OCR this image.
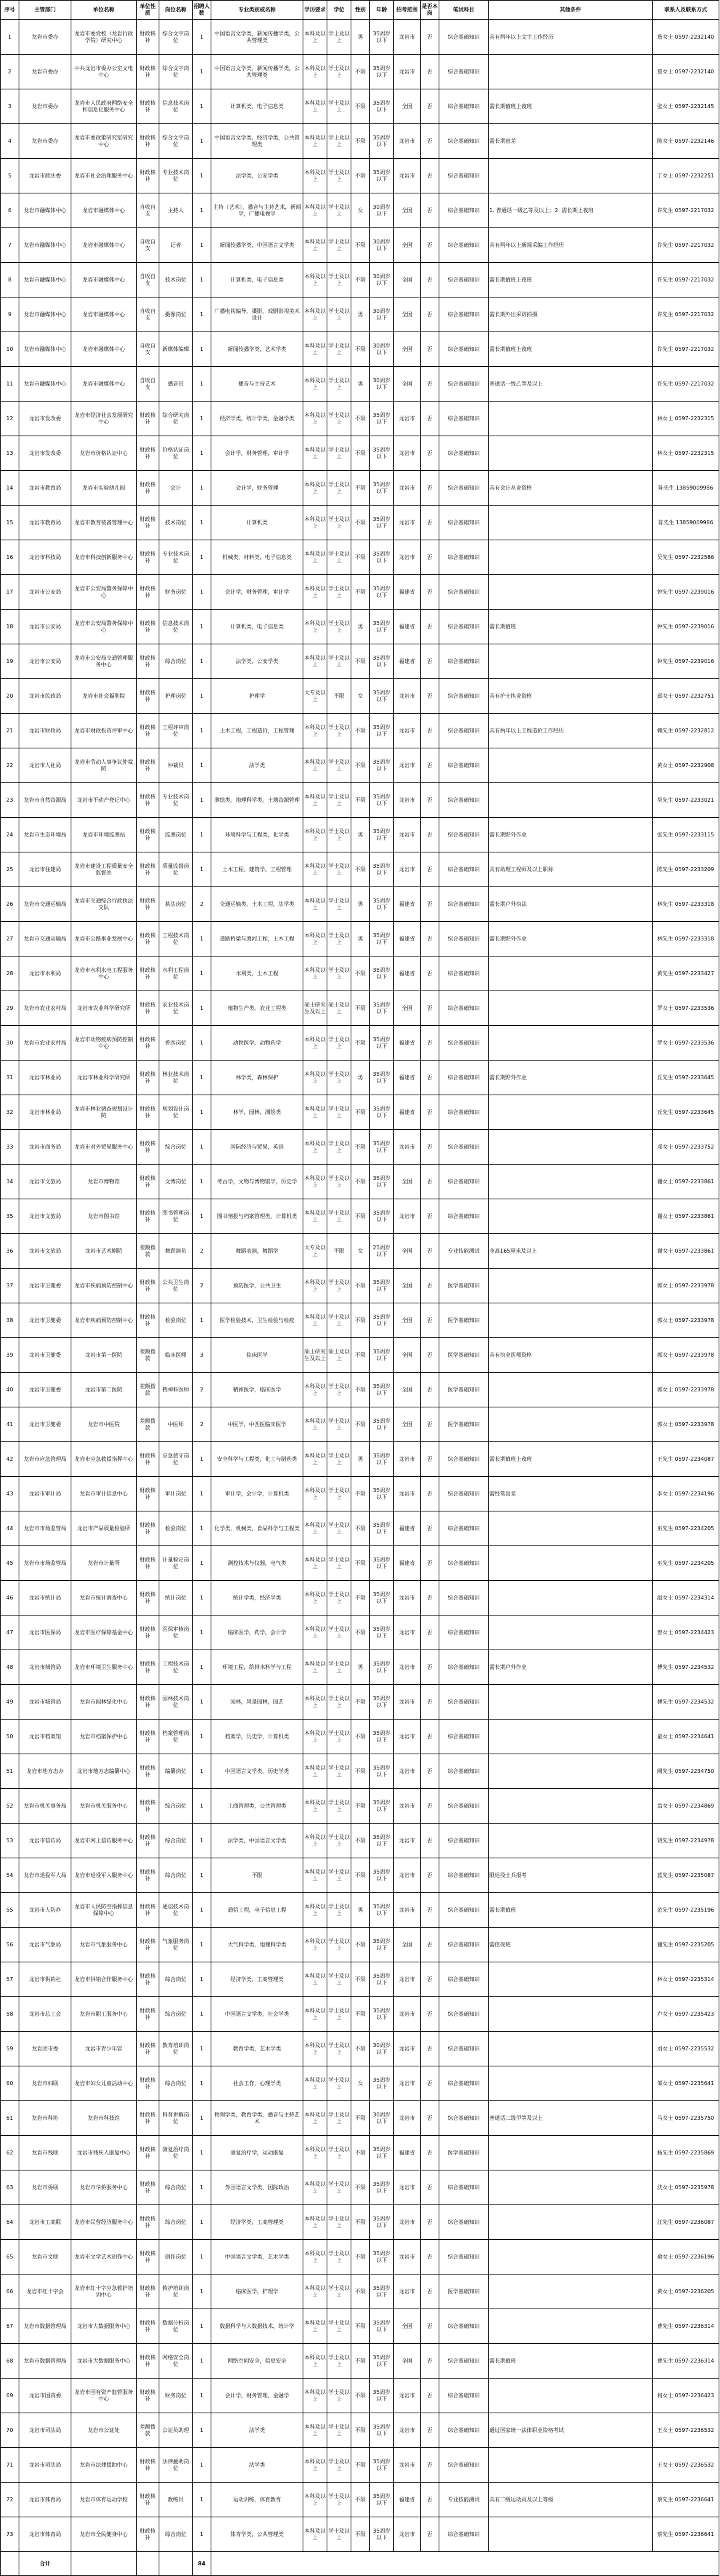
序号	主管部门	单位名称	单位性质	岗位名称	招聘人数	专业类别或名称	学历要求	学位	性别	年龄	招考范围	是否本岗	笔试科目	其他条件	联系人及联系方式
1	龙岩市委办	龙岩市委党校（龙岩行政学院）研究中心	财政核补	综合文字岗位	1	中国语言文学类，新闻传播学类，公共管理类	本科及以上	学士及以上	男	35周岁以下	龙岩市	否	综合基础知识	具有两年以上文字工作经历	詹女士 0597-2232140
2	龙岩市委办	中共龙岩市委办公室文电中心	财政核补	综合文字岗位	1	中国语言文学类，新闻传播学类，公共管理类	本科及以上	学士及以上	不限	35周岁以下	龙岩市	否	综合基础知识		詹女士 0597-2232140
3	龙岩市委办	龙岩市人民政府网络安全和信息化服务中心	财政核补	信息技术岗位	1	计算机类，电子信息类	本科及以上	学士及以上	不限	35周岁以下	全国	否	综合基础知识	需长期值班上夜班	张女士 0597-2232145
4	龙岩市委办	龙岩市委政策研究室研究中心	财政核补	综合文字岗位	1	中国语言文学类，经济学类，公共管理类	本科及以上	学士及以上	不限	35周岁以下	龙岩市	否	综合基础知识	需长期出差	陈女士 0597-2232146
5	龙岩市政法委	龙岩市社会治理服务中心	财政核补	专业技术岗位	1	法学类，公安学类	本科及以上	学士及以上	不限	35周岁以下	龙岩市	否	综合基础知识		丁女士 0597-2232251
6	龙岩市融媒体中心	龙岩市融媒体中心	自收自支	主持人	1	主持（艺术），播音与主持艺术，新闻学，广播电视学	本科及以上	学士及以上	女	30周岁以下	全国	否	综合基础知识	1. 普通话一级乙等及以上；2. 需长期上夜班	许先生 0597-2217032
7	龙岩市融媒体中心	龙岩市融媒体中心	自收自支	记者	1	新闻传播学类，中国语言文学类	本科及以上	学士及以上	不限	30周岁以下	全国	否	综合基础知识	具有两年以上新闻采编工作经历	许先生 0597-2217032
8	龙岩市融媒体中心	龙岩市融媒体中心	自收自支	技术岗位	1	计算机类，电子信息类	本科及以上	学士及以上	不限	30周岁以下	全国	否	综合基础知识	需长期值班上夜班	许先生 0597-2217032
9	龙岩市融媒体中心	龙岩市融媒体中心	自收自支	摄像岗位	1	广播电视编导，摄影，戏剧影视美术设计	本科及以上	学士及以上	男	30周岁以下	全国	否	综合基础知识	需长期外出采访拍摄	许先生 0597-2217032
10	龙岩市融媒体中心	龙岩市融媒体中心	自收自支	新媒体编辑	1	新闻传播学类，艺术学类	本科及以上	学士及以上	不限	30周岁以下	全国	否	综合基础知识	需长期值班上夜班	许先生 0597-2217032
11	龙岩市融媒体中心	龙岩市融媒体中心	自收自支	播音员	1	播音与主持艺术	本科及以上	学士及以上	男	30周岁以下	全国	否	综合基础知识	普通话一级乙等及以上	许先生 0597-2217032
12	龙岩市发改委	龙岩市经济社会发展研究中心	财政核补	综合研究岗位	1	经济学类，统计学类，金融学类	本科及以上	学士及以上	不限	35周岁以下	龙岩市	否	综合基础知识		林女士 0597-2232315
13	龙岩市发改委	龙岩市价格认证中心	财政核补	价格认证岗位	1	会计学，财务管理，审计学	本科及以上	学士及以上	不限	35周岁以下	龙岩市	否	综合基础知识		林女士 0597-2232315
14	龙岩市教育局	龙岩市实验幼儿园	财政核补	会计	1	会计学，财务管理	本科及以上	学士及以上	不限	35周岁以下	龙岩市	否	综合基础知识	具有会计从业资格	陈先生 13859009986
15	龙岩市教育局	龙岩市教育装备管理中心	财政核补	技术岗位	1	计算机类	本科及以上	学士及以上	不限	35周岁以下	龙岩市	否	综合基础知识		陈先生 13859009986
16	龙岩市科技局	龙岩市科技创新服务中心	财政核补	专业技术岗位	1	机械类，材料类，电子信息类	本科及以上	学士及以上	不限	35周岁以下	龙岩市	否	综合基础知识		吴先生 0597-2232586
17	龙岩市公安局	龙岩市公安局警务保障中心	财政核补	财务岗位	1	会计学，财务管理，审计学	本科及以上	学士及以上	不限	35周岁以下	福建省	否	综合基础知识		钟先生 0597-2239016
18	龙岩市公安局	龙岩市公安局警务保障中心	财政核补	信息技术岗位	1	计算机类，电子信息类	本科及以上	学士及以上	男	35周岁以下	福建省	否	综合基础知识	需长期值班	钟先生 0597-2239016
19	龙岩市公安局	龙岩市公安局交通管理服务中心	财政核补	综合岗位	1	法学类，公安学类	本科及以上	学士及以上	不限	35周岁以下	福建省	否	综合基础知识		钟先生 0597-2239016
20	龙岩市民政局	龙岩市社会福利院	财政核补	护理岗位	1	护理学	大专及以上	不限	女	35周岁以下	龙岩市	否	综合基础知识	具有护士执业资格	邱女士 0597-2232751
21	龙岩市财政局	龙岩市财政投资评审中心	财政核补	工程评审岗位	1	土木工程，工程造价，工程管理	本科及以上	学士及以上	不限	35周岁以下	龙岩市	否	综合基础知识	具有两年以上工程造价工作经历	赖先生 0597-2232812
22	龙岩市人社局	龙岩市劳动人事争议仲裁院	财政核补	仲裁员	1	法学类	本科及以上	学士及以上	不限	35周岁以下	龙岩市	否	综合基础知识		黄女士 0597-2232908
23	龙岩市自然资源局	龙岩市不动产登记中心	财政核补	专业技术岗位	1	测绘类，地理科学类，土地资源管理	本科及以上	学士及以上	不限	35周岁以下	龙岩市	否	综合基础知识		吴先生 0597-2233021
24	龙岩市生态环境局	龙岩市环境监测站	财政核补	监测岗位	1	环境科学与工程类，化学类	本科及以上	学士及以上	男	35周岁以下	龙岩市	否	综合基础知识	需长期野外作业	张先生 0597-2233115
25	龙岩市住建局	龙岩市建设工程质量安全监督站	财政核补	质量监督岗位	1	土木工程，建筑学，工程管理	本科及以上	学士及以上	不限	35周岁以下	龙岩市	否	综合基础知识	具有助理工程师及以上职称	陈先生 0597-2233209
26	龙岩市交通运输局	龙岩市交通综合行政执法支队	财政核补	执法岗位	2	交通运输类，土木工程，法学类	本科及以上	学士及以上	男	35周岁以下	福建省	否	综合基础知识	需长期户外执法	林先生 0597-2233318
27	龙岩市交通运输局	龙岩市公路事业发展中心	财政核补	工程技术岗位	1	道路桥梁与渡河工程，土木工程	本科及以上	学士及以上	男	35周岁以下	福建省	否	综合基础知识	需长期野外作业	林先生 0597-2233318
28	龙岩市水利局	龙岩市水利水电工程服务中心	财政核补	水利工程岗位	1	水利类，土木工程	本科及以上	学士及以上	不限	35周岁以下	福建省	否	综合基础知识		黄先生 0597-2233427
29	龙岩市农业农村局	龙岩市农业科学研究所	财政核补	农业技术岗位	1	植物生产类，农业工程类	硕士研究生及以上	硕士及以上	不限	35周岁以下	全国	否	综合基础知识		罗女士 0597-2233536
30	龙岩市农业农村局	龙岩市动物疫病预防控制中心	财政核补	兽医岗位	1	动物医学，动物药学	本科及以上	学士及以上	不限	35周岁以下	福建省	否	综合基础知识		罗女士 0597-2233536
31	龙岩市林业局	龙岩市林业科学研究所	财政核补	林业技术岗位	1	林学类，森林保护	本科及以上	学士及以上	男	35周岁以下	福建省	否	综合基础知识	需长期野外作业	丘先生 0597-2233645
32	龙岩市林业局	龙岩市林业调查规划设计院	财政核补	规划设计岗位	1	林学，园林，测绘类	本科及以上	学士及以上	不限	35周岁以下	福建省	否	综合基础知识		丘先生 0597-2233645
33	龙岩市商务局	龙岩市对外贸易服务中心	财政核补	综合岗位	1	国际经济与贸易，英语	本科及以上	学士及以上	不限	35周岁以下	龙岩市	否	综合基础知识		邓女士 0597-2233752
34	龙岩市文旅局	龙岩市博物馆	财政核补	文博岗位	1	考古学，文物与博物馆学，历史学	本科及以上	学士及以上	不限	35周岁以下	全国	否	综合基础知识		谢女士 0597-2233861
35	龙岩市文旅局	龙岩市图书馆	财政核补	图书管理岗位	1	图书情报与档案管理类，计算机类	本科及以上	学士及以上	不限	35周岁以下	龙岩市	否	综合基础知识		谢女士 0597-2233861
36	龙岩市文旅局	龙岩市艺术剧院	差额拨款	舞蹈演员	2	舞蹈表演，舞蹈学	大专及以上	不限	女	25周岁以下	全国	否	专业技能测试	身高165厘米及以上	谢女士 0597-2233861
37	龙岩市卫健委	龙岩市疾病预防控制中心	财政核补	公共卫生岗位	2	预防医学，公共卫生	本科及以上	学士及以上	不限	35周岁以下	全国	否	医学基础知识		郭女士 0597-2233978
38	龙岩市卫健委	龙岩市疾病预防控制中心	财政核补	检验岗位	1	医学检验技术，卫生检验与检疫	本科及以上	学士及以上	不限	35周岁以下	全国	否	医学基础知识		郭女士 0597-2233978
39	龙岩市卫健委	龙岩市第一医院	差额拨款	临床医师	3	临床医学	硕士研究生及以上	硕士及以上	不限	35周岁以下	全国	否	医学基础知识	具有执业医师资格	郭女士 0597-2233978
40	龙岩市卫健委	龙岩市第二医院	差额拨款	精神科医师	2	精神医学，临床医学	本科及以上	学士及以上	不限	35周岁以下	全国	否	医学基础知识		郭女士 0597-2233978
41	龙岩市卫健委	龙岩市中医院	差额拨款	中医师	2	中医学，中西医临床医学	本科及以上	学士及以上	不限	35周岁以下	全国	否	医学基础知识		郭女士 0597-2233978
42	龙岩市应急管理局	龙岩市应急救援指挥中心	财政核补	应急值守岗位	1	安全科学与工程类，化工与制药类	本科及以上	学士及以上	男	35周岁以下	龙岩市	否	综合基础知识	需长期值班上夜班	王先生 0597-2234087
43	龙岩市审计局	龙岩市审计信息中心	财政核补	审计岗位	1	审计学，会计学，计算机类	本科及以上	学士及以上	不限	35周岁以下	龙岩市	否	综合基础知识	需经常出差	李女士 0597-2234196
44	龙岩市市场监管局	龙岩市产品质量检验所	财政核补	检验岗位	1	化学类，机械类，食品科学与工程类	本科及以上	学士及以上	不限	35周岁以下	福建省	否	综合基础知识		巫先生 0597-2234205
45	龙岩市市场监管局	龙岩市计量所	财政核补	计量检定岗位	1	测控技术与仪器，电气类	本科及以上	学士及以上	不限	35周岁以下	福建省	否	综合基础知识		巫先生 0597-2234205
46	龙岩市统计局	龙岩市统计调查中心	财政核补	统计岗位	1	统计学类，经济学类	本科及以上	学士及以上	不限	35周岁以下	龙岩市	否	综合基础知识		温女士 0597-2234314
47	龙岩市医保局	龙岩市医疗保障基金中心	财政核补	医保审核岗位	1	临床医学，药学，会计学	本科及以上	学士及以上	不限	35周岁以下	龙岩市	否	综合基础知识		曾女士 0597-2234423
48	龙岩市城管局	龙岩市环境卫生服务中心	财政核补	工程技术岗位	1	环境工程，给排水科学与工程	本科及以上	学士及以上	男	35周岁以下	龙岩市	否	综合基础知识	需长期户外作业	傅先生 0597-2234532
49	龙岩市城管局	龙岩市园林绿化中心	财政核补	园林技术岗位	1	园林，风景园林，园艺	本科及以上	学士及以上	不限	35周岁以下	龙岩市	否	综合基础知识		傅先生 0597-2234532
50	龙岩市档案馆	龙岩市档案保护中心	财政核补	档案管理岗位	1	档案学，历史学，计算机类	本科及以上	学士及以上	不限	35周岁以下	龙岩市	否	综合基础知识		童女士 0597-2234641
51	龙岩市地方志办	龙岩市地方志编纂中心	财政核补	编纂岗位	1	中国语言文学类，历史学类	本科及以上	学士及以上	不限	35周岁以下	龙岩市	否	综合基础知识		阙先生 0597-2234750
52	龙岩市机关事务局	龙岩市机关服务中心	财政核补	综合岗位	1	工商管理类，公共管理类	本科及以上	学士及以上	不限	35周岁以下	龙岩市	否	综合基础知识		翁女士 0597-2234869
53	龙岩市信访局	龙岩市网上信访服务中心	财政核补	综合岗位	1	法学类，中国语言文学类	本科及以上	学士及以上	不限	35周岁以下	龙岩市	否	综合基础知识		饶先生 0597-2234978
54	龙岩市退役军人局	龙岩市退役军人服务中心	财政核补	综合岗位	1	不限	本科及以上	学士及以上	不限	35周岁以下	龙岩市	否	综合基础知识	限退役士兵报考	蓝先生 0597-2235087
55	龙岩市人防办	龙岩市人民防空指挥信息保障中心	财政核补	通信技术岗位	1	通信工程，电子信息工程	本科及以上	学士及以上	男	35周岁以下	龙岩市	否	综合基础知识	需长期值班	范先生 0597-2235196
56	龙岩市气象局	龙岩市气象服务中心	财政核补	气象服务岗位	1	大气科学类，地理科学类	本科及以上	学士及以上	不限	35周岁以下	全国	否	综合基础知识	需值夜班	谢先生 0597-2235205
57	龙岩市供销社	龙岩市供销合作服务中心	财政核补	综合岗位	1	经济学类，工商管理类	本科及以上	学士及以上	不限	35周岁以下	龙岩市	否	综合基础知识		林女士 0597-2235314
58	龙岩市总工会	龙岩市职工服务中心	财政核补	综合岗位	1	中国语言文学类，社会学类	本科及以上	学士及以上	不限	35周岁以下	龙岩市	否	综合基础知识		卢女士 0597-2235423
59	龙岩团市委	龙岩市青少年宫	财政核补	教育培训岗位	1	教育学类，艺术学类	本科及以上	学士及以上	不限	30周岁以下	龙岩市	否	综合基础知识		刘女士 0597-2235532
60	龙岩市妇联	龙岩市妇女儿童活动中心	财政核补	综合岗位	1	社会工作，心理学类	本科及以上	学士及以上	女	35周岁以下	龙岩市	否	综合基础知识		邹女士 0597-2235641
61	龙岩市科协	龙岩市科技馆	财政核补	科普讲解岗位	1	物理学类，教育学类，播音与主持艺术	本科及以上	学士及以上	不限	30周岁以下	龙岩市	否	综合基础知识	普通话二级甲等及以上	马女士 0597-2235750
62	龙岩市残联	龙岩市残疾人康复中心	财政核补	康复治疗岗位	1	康复治疗学，运动康复	本科及以上	学士及以上	不限	35周岁以下	福建省	否	医学基础知识		杨先生 0597-2235869
63	龙岩市侨联	龙岩市华侨服务中心	财政核补	综合岗位	1	外国语言文学类，国际政治	本科及以上	学士及以上	不限	35周岁以下	龙岩市	否	综合基础知识		沈女士 0597-2235978
64	龙岩市工商联	龙岩市民营经济服务中心	财政核补	综合岗位	1	经济学类，工商管理类	本科及以上	学士及以上	不限	35周岁以下	龙岩市	否	综合基础知识		江先生 0597-2236087
65	龙岩市文联	龙岩市文学艺术创作中心	财政核补	创作岗位	1	中国语言文学类，艺术学类	本科及以上	学士及以上	不限	35周岁以下	龙岩市	否	综合基础知识		俞女士 0597-2236196
66	龙岩市红十字会	龙岩市红十字应急救护培训中心	财政核补	救护培训岗位	1	临床医学，护理学	本科及以上	学士及以上	不限	35周岁以下	龙岩市	否	医学基础知识		黄女士 0597-2236205
67	龙岩市数据管理局	龙岩市大数据服务中心	财政核补	数据分析岗位	1	数据科学与大数据技术，统计学	本科及以上	学士及以上	不限	35周岁以下	全国	否	综合基础知识		曹先生 0597-2236314
68	龙岩市数据管理局	龙岩市大数据服务中心	财政核补	网络安全岗位	1	网络空间安全，信息安全	本科及以上	学士及以上	不限	35周岁以下	全国	否	综合基础知识	需长期值班	曹先生 0597-2236314
69	龙岩市国资委	龙岩市国有资产监管服务中心	财政核补	财务岗位	1	会计学，财务管理，金融学	本科及以上	学士及以上	不限	35周岁以下	龙岩市	否	综合基础知识		何女士 0597-2236423
70	龙岩市司法局	龙岩市公证处	差额拨款	公证员助理	1	法学类	本科及以上	学士及以上	不限	35周岁以下	龙岩市	否	综合基础知识	通过国家统一法律职业资格考试	王女士 0597-2236532
71	龙岩市司法局	龙岩市法律援助中心	财政核补	法律援助岗位	1	法学类	本科及以上	学士及以上	不限	35周岁以下	龙岩市	否	综合基础知识		王女士 0597-2236532
72	龙岩市体育局	龙岩市体育运动学校	财政核补	教练员	1	运动训练，体育教育	本科及以上	学士及以上	不限	35周岁以下	福建省	否	专业技能测试	具有二级运动员及以上等级	蔡先生 0597-2236641
73	龙岩市体育局	龙岩市全民健身中心	财政核补	综合岗位	1	体育学类，公共管理类	本科及以上	学士及以上	不限	35周岁以下	龙岩市	否	综合基础知识		蔡先生 0597-2236641
	合计				84										
